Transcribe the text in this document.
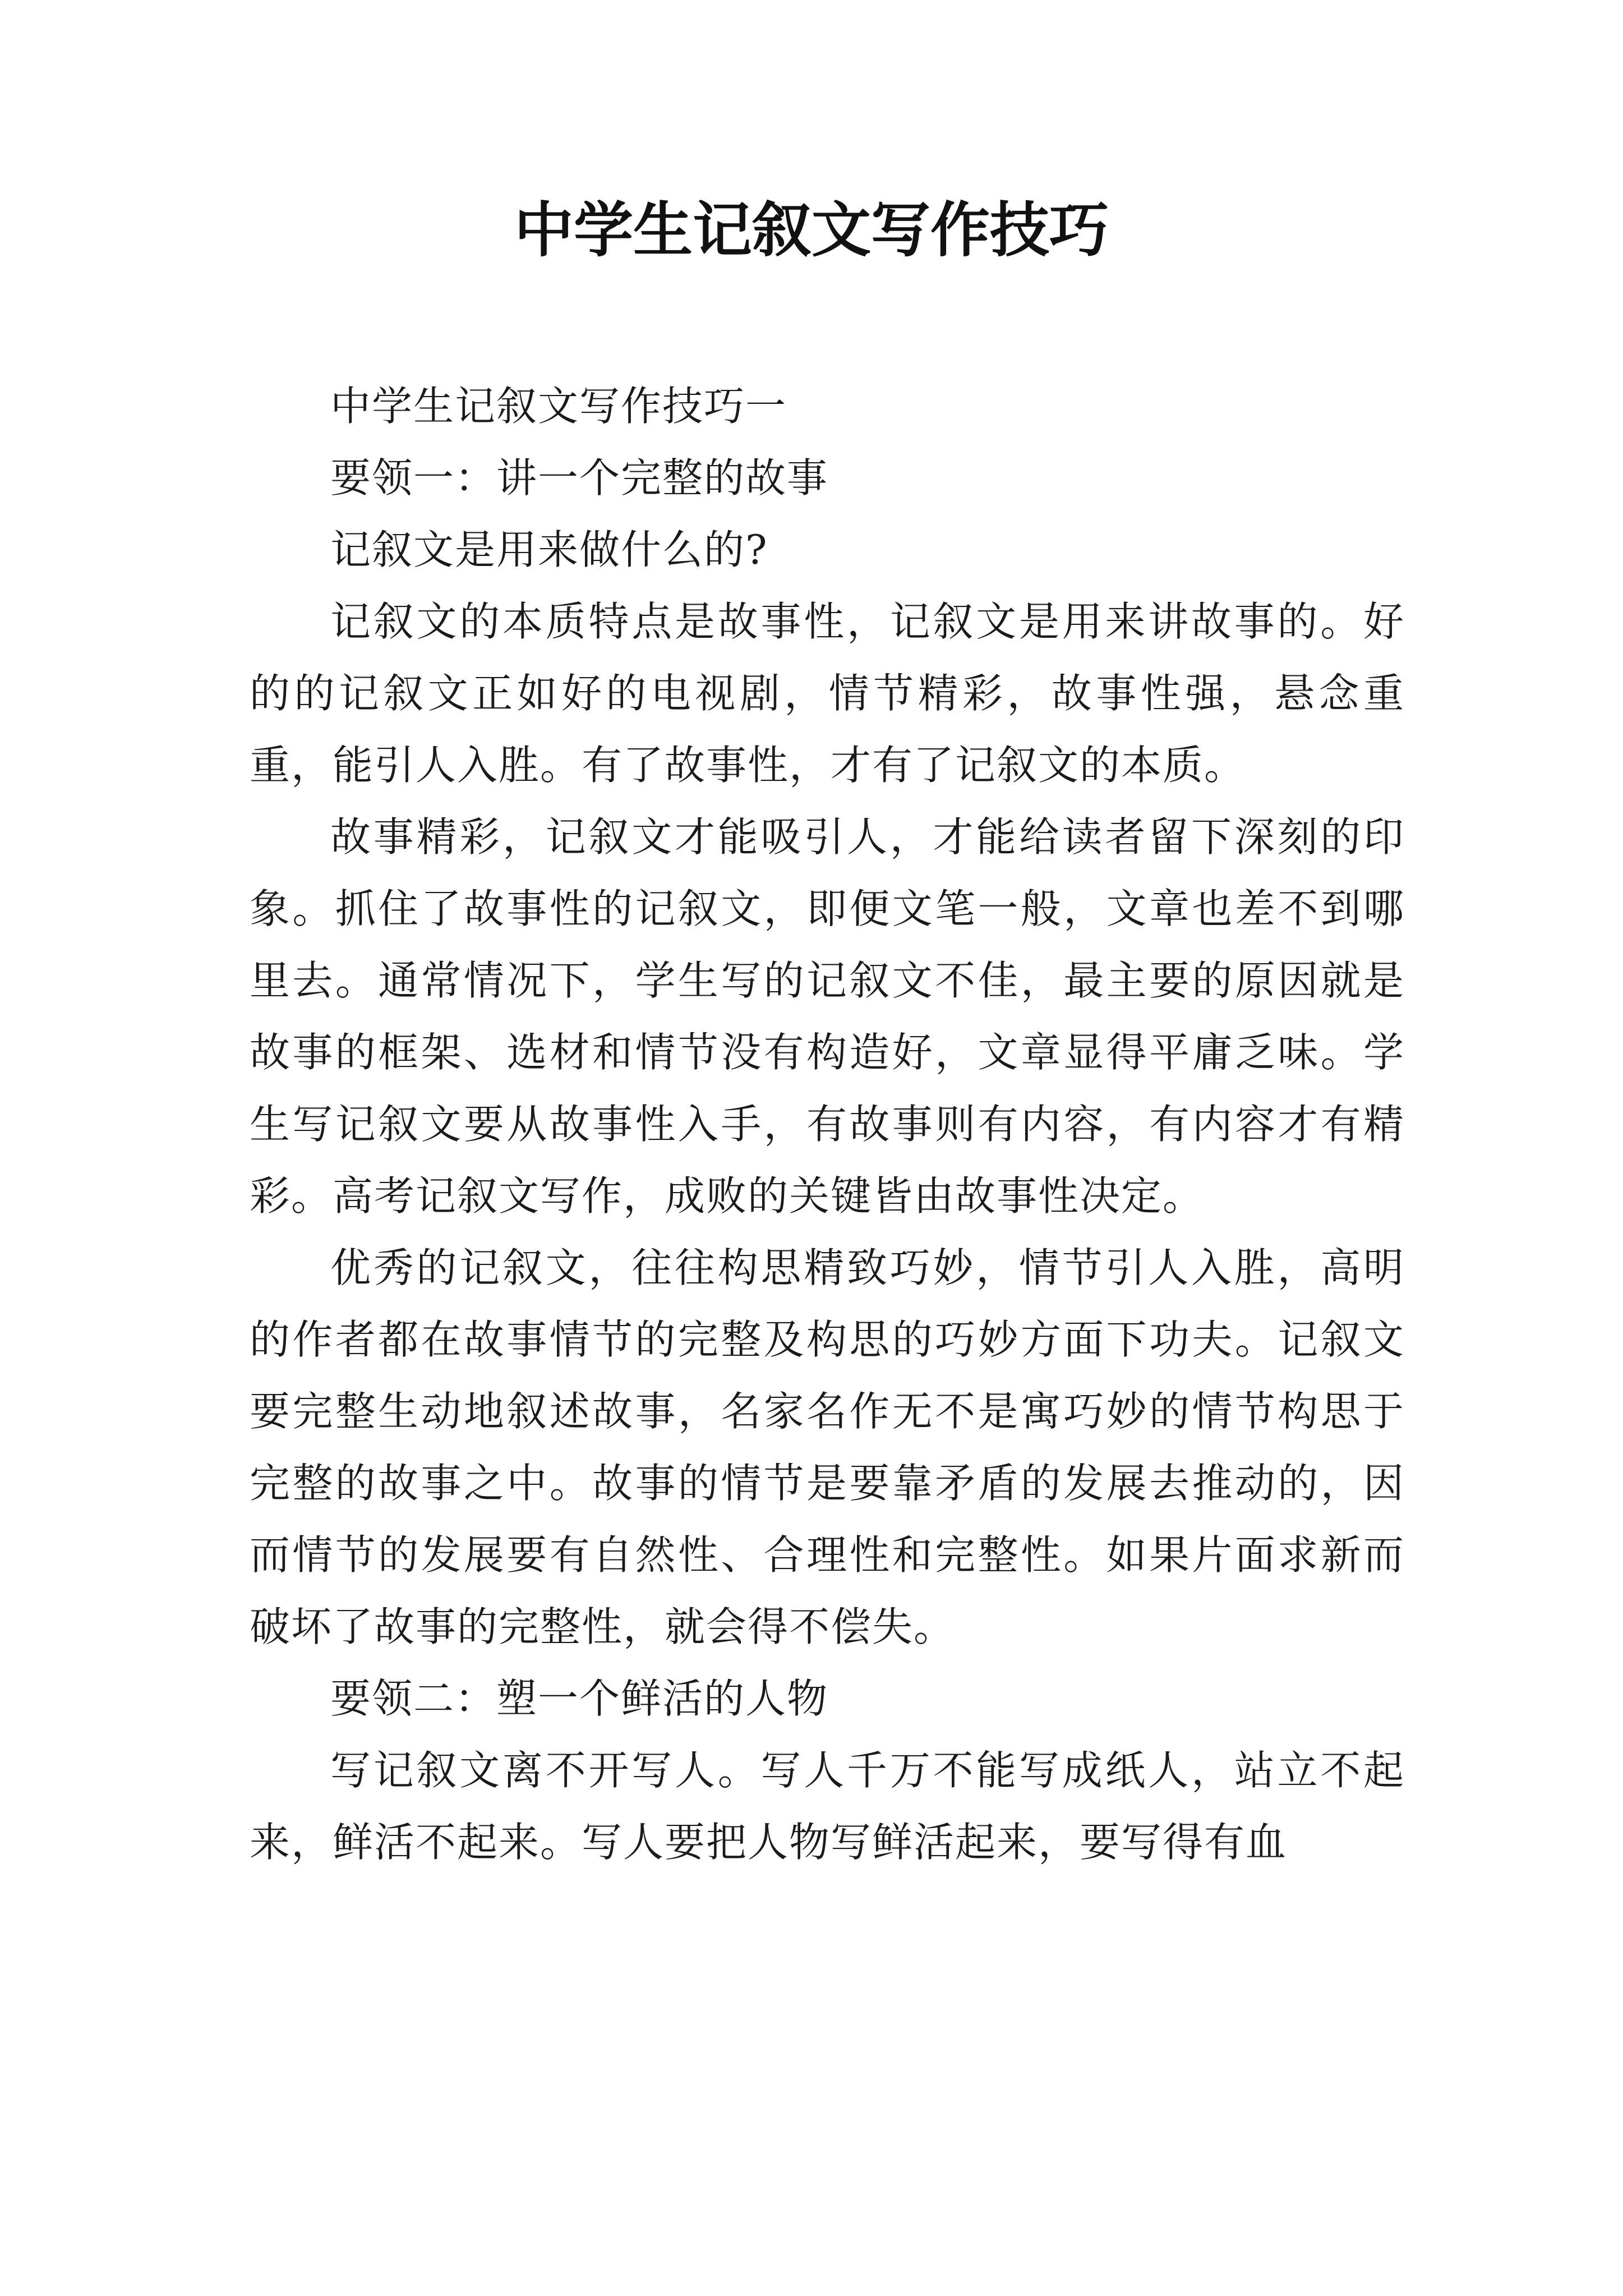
中学生记叙文写作技巧

中学生记叙文写作技巧一

要领一：讲一个完整的故事

记叙文是用来做什么的?

记叙文的本质特点是故事性，记叙文是用来讲故事的。好的的记叙文正如好的电视剧，情节精彩，故事性强，悬念重重，能引人入胜。有了故事性，才有了记叙文的本质。

故事精彩，记叙文才能吸引人，才能给读者留下深刻的印象。抓住了故事性的记叙文，即便文笔一般，文章也差不到哪里去。通常情况下，学生写的记叙文不佳，最主要的原因就是故事的框架、选材和情节没有构造好，文章显得平庸乏味。学生写记叙文要从故事性入手，有故事则有内容，有内容才有精彩。高考记叙文写作，成败的关键皆由故事性决定。

优秀的记叙文，往往构思精致巧妙，情节引人入胜，高明的作者都在故事情节的完整及构思的巧妙方面下功夫。记叙文要完整生动地叙述故事，名家名作无不是寓巧妙的情节构思于完整的故事之中。故事的情节是要靠矛盾的发展去推动的，因而情节的发展要有自然性、合理性和完整性。如果片面求新而破坏了故事的完整性，就会得不偿失。

要领二：塑一个鲜活的人物

写记叙文离不开写人。写人千万不能写成纸人，站立不起来，鲜活不起来。写人要把人物写鲜活起来，要写得有血
